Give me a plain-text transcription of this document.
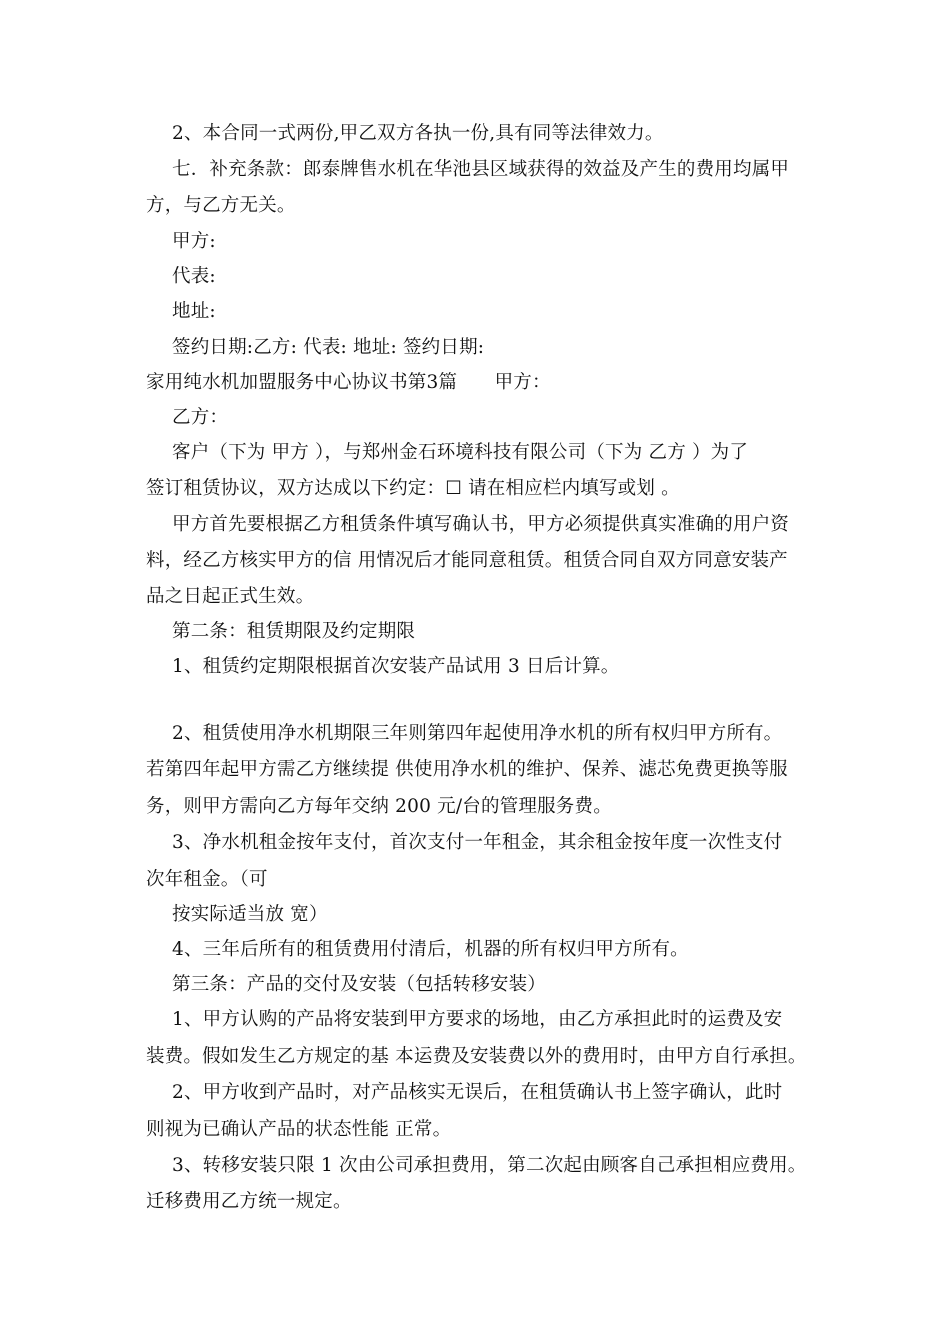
2、本合同一式两份,甲乙双方各执一份,具有同等法律效力。
七．补充条款：郎泰牌售水机在华池县区域获得的效益及产生的费用均属甲
方，与乙方无关。
甲方:
代表:
地址:
签约日期:乙方: 代表: 地址: 签约日期:
家用纯水机加盟服务中心协议书第3篇　　甲方：
乙方：
客户（下为 甲方 ），与郑州金石环境科技有限公司（下为 乙方 ）为了
签订租赁协议，双方达成以下约定：☐ 请在相应栏内填写或划 。
甲方首先要根据乙方租赁条件填写确认书，甲方必须提供真实准确的用户资
料，经乙方核实甲方的信 用情况后才能同意租赁。租赁合同自双方同意安装产
品之日起正式生效。
第二条：租赁期限及约定期限
1、租赁约定期限根据首次安装产品试用 3 日后计算。
2、租赁使用净水机期限三年则第四年起使用净水机的所有权归甲方所有。
若第四年起甲方需乙方继续提 供使用净水机的维护、保养、滤芯免费更换等服
务，则甲方需向乙方每年交纳 200 元/台的管理服务费。
3、净水机租金按年支付，首次支付一年租金，其余租金按年度一次性支付
次年租金。（可
按实际适当放 宽）
4、三年后所有的租赁费用付清后，机器的所有权归甲方所有。
第三条：产品的交付及安装（包括转移安装）
1、甲方认购的产品将安装到甲方要求的场地，由乙方承担此时的运费及安
装费。假如发生乙方规定的基 本运费及安装费以外的费用时，由甲方自行承担。
2、甲方收到产品时，对产品核实无误后，在租赁确认书上签字确认，此时
则视为已确认产品的状态性能 正常。
3、转移安装只限 1 次由公司承担费用，第二次起由顾客自己承担相应费用。
迁移费用乙方统一规定。
